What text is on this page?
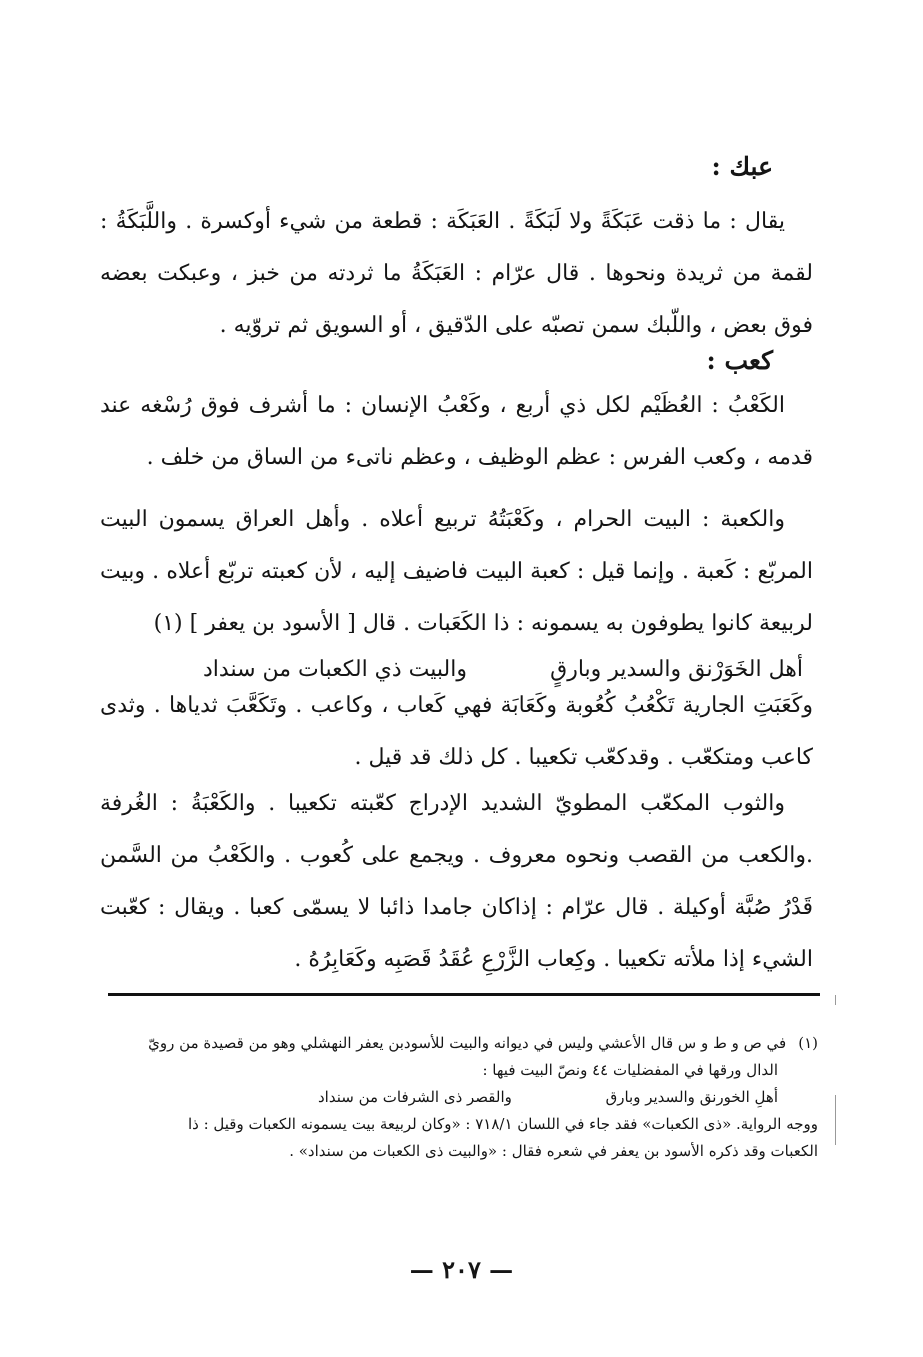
عبك :
يقال : ما ذقت عَبَكَةً ولا لَبَكَةً . العَبَكَة : قطعة من شيء أوكسرة . واللَّبَكَةُ : لقمة من ثريدة ونحوها . قال عرّام : العَبَكَةُ ما ثردته من خبز ، وعبكت بعضه فوق بعض ، واللّبك سمن تصبّه على الدّقيق ، أو السويق ثم تروّيه .
كعب :
الكَعْبُ : العُظَيْم لكل ذي أربع ، وكَعْبُ الإنسان : ما أشرف فوق رُسْغه عند قدمه ، وكعب الفرس : عظم الوظيف ، وعظم ناتىء من الساق من خلف .
والكعبة : البيت الحرام ، وكَعْبَتُهُ تربيع أعلاه . وأهل العراق يسمون البيت المربّع : كَعبة . وإنما قيل : كعبة البيت فاضيف إليه ، لأن كعبته تربّع أعلاه . وبيت لربيعة كانوا يطوفون به يسمونه : ذا الكَعَبات . قال [ الأسود بن يعفر ] (١)
أهل الخَوَرْنق والسدير وبارقٍ
والبيت ذي الكعبات من سنداد
وكَعَبَتِ الجارية تَكْعُبُ كُعُوبة وكَعَابَة فهي كَعاب ، وكاعب . وتَكَعَّبَ ثدياها . وثدى كاعب ومتكعّب . وقدكعّب تكعيبا . كل ذلك قد قيل .
والثوب المكعّب المطويّ الشديد الإدراج كعّبته تكعيبا . والكَعْبَةُ : الغُرفة .والكعب من القصب ونحوه معروف . ويجمع على كُعوب . والكَعْبُ من السَّمن قَدْرُ صُبَّة أوكيلة . قال عرّام : إذاكان جامدا ذائبا لا يسمّى كعبا . ويقال : كعّبت الشيء إذا ملأته تكعيبا . وكِعاب الزَّرْعِ عُقَدُ قَصَبِه وكَعَابِرُهُ .
(١)في ص و ط و س قال الأعشي وليس في ديوانه والبيت للأسودبن يعفر النهشلي وهو من قصيدة من رويّ
الدال ورقها في المفضليات ٤٤ ونصّ البيت فيها :
أهلِ الخورنق والسدير وبارق
والقصر ذى الشرفات من سنداد
ووجه الرواية. «ذى الكعبات» فقد جاء في اللسان ٧١٨/١ : «وكان لربيعة بيت يسمونه الكعبات وقيل : ذا
الكعبات وقد ذكره الأسود بن يعفر في شعره فقال : «والبيت ذى الكعبات من سنداد» .
— ٢٠٧ —
